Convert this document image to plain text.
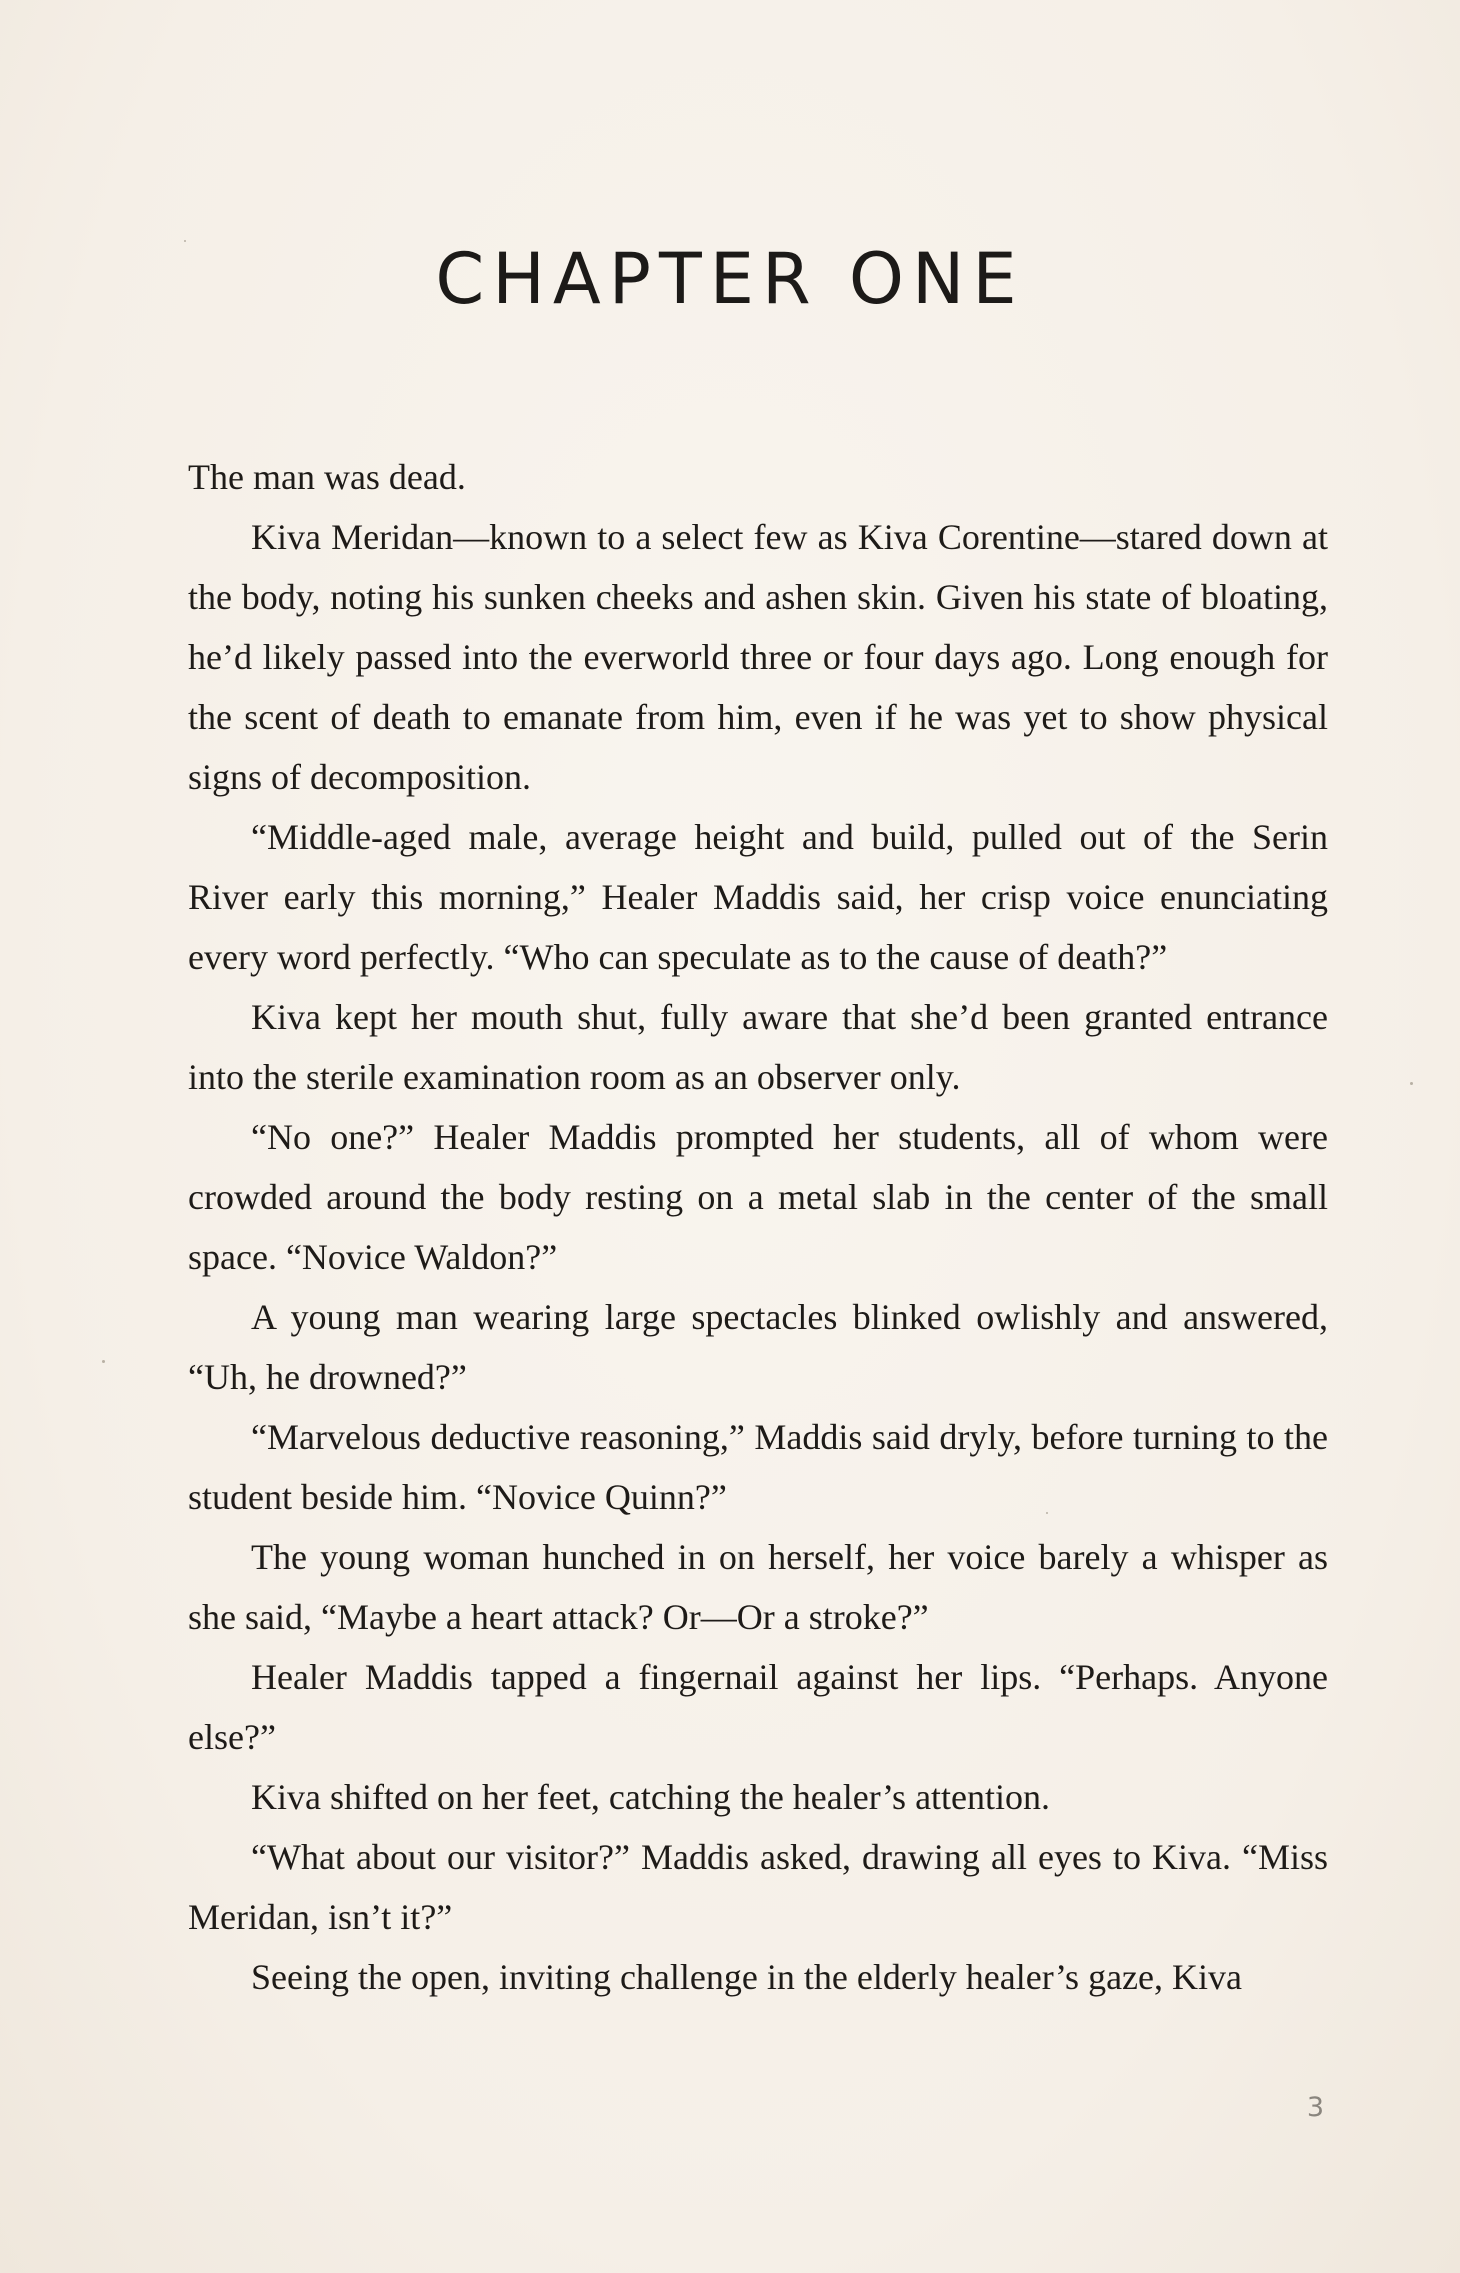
CHAPTER ONE

The man was dead.

Kiva Meridan—known to a select few as Kiva Corentine—stared down at the body, noting his sunken cheeks and ashen skin. Given his state of bloating, he’d likely passed into the everworld three or four days ago. Long enough for the scent of death to emanate from him, even if he was yet to show physical signs of decomposition.

“Middle-aged male, average height and build, pulled out of the Serin River early this morning,” Healer Maddis said, her crisp voice enunciating every word perfectly. “Who can speculate as to the cause of death?”

Kiva kept her mouth shut, fully aware that she’d been granted entrance into the sterile examination room as an observer only.

“No one?” Healer Maddis prompted her students, all of whom were crowded around the body resting on a metal slab in the center of the small space. “Novice Waldon?”

A young man wearing large spectacles blinked owlishly and answered, “Uh, he drowned?”

“Marvelous deductive reasoning,” Maddis said dryly, before turning to the student beside him. “Novice Quinn?”

The young woman hunched in on herself, her voice barely a whisper as she said, “Maybe a heart attack? Or—Or a stroke?”

Healer Maddis tapped a fingernail against her lips. “Perhaps. Anyone else?”

Kiva shifted on her feet, catching the healer’s attention.

“What about our visitor?” Maddis asked, drawing all eyes to Kiva. “Miss Meridan, isn’t it?”

Seeing the open, inviting challenge in the elderly healer’s gaze, Kiva

3
